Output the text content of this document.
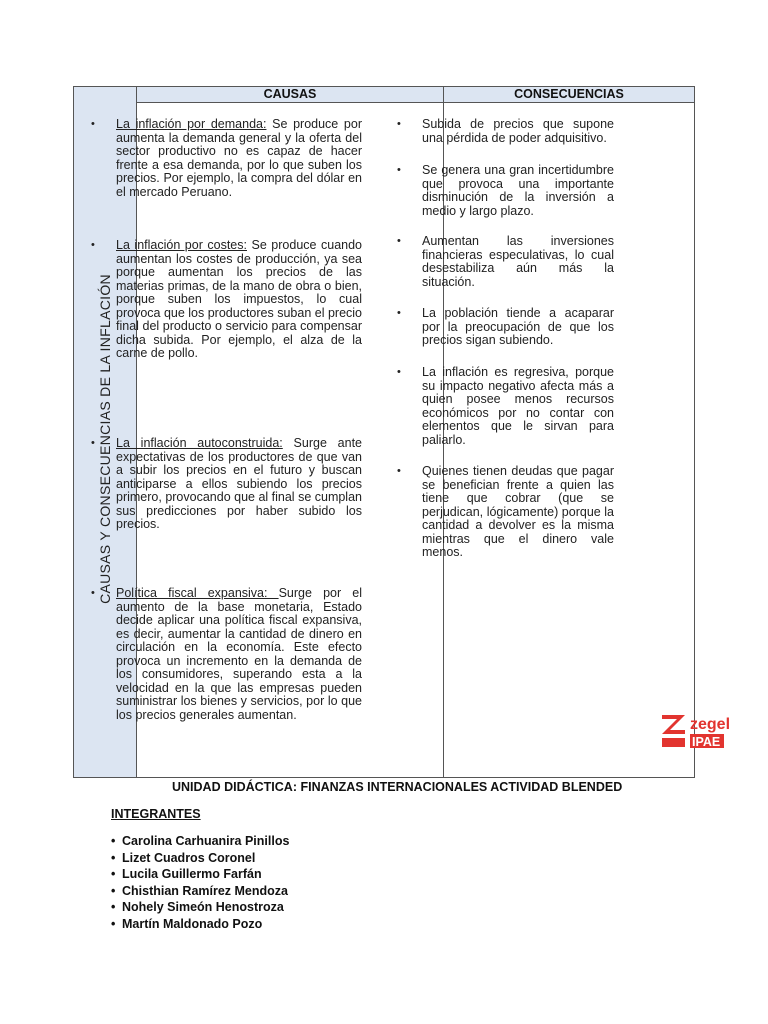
CAUSAS Y CONSECUENCIAS DE LA INFLACIÓN
CAUSAS	CONSECUENCIAS
• La inflación por demanda: Se produce por aumenta la demanda general y la oferta del sector productivo no es capaz de hacer frente a esa demanda, por lo que suben los precios. Por ejemplo, la compra del dólar en el mercado Peruano.
• La inflación por costes: Se produce cuando aumentan los costes de producción, ya sea porque aumentan los precios de las materias primas, de la mano de obra o bien, porque suben los impuestos, lo cual provoca que los productores suban el precio final del producto o servicio para compensar dicha subida. Por ejemplo, el alza de la carne de pollo.
• La inflación autoconstruida: Surge ante expectativas de los productores de que van a subir los precios en el futuro y buscan anticiparse a ellos subiendo los precios primero, provocando que al final se cumplan sus predicciones por haber subido los precios.
• Política fiscal expansiva: Surge por el aumento de la base monetaria, Estado decide aplicar una política fiscal expansiva, es decir, aumentar la cantidad de dinero en circulación en la economía. Este efecto provoca un incremento en la demanda de los consumidores, superando esta a la velocidad en la que las empresas pueden suministrar los bienes y servicios, por lo que los precios generales aumentan.
• Subida de precios que supone una pérdida de poder adquisitivo.
• Se genera una gran incertidumbre que provoca una importante disminución de la inversión a medio y largo plazo.
• Aumentan las inversiones financieras especulativas, lo cual desestabiliza aún más la situación.
• La población tiende a acaparar por la preocupación de que los precios sigan subiendo.
• La inflación es regresiva, porque su impacto negativo afecta más a quien posee menos recursos económicos por no contar con elementos que le sirvan para paliarlo.
• Quienes tienen deudas que pagar se benefician frente a quien las tiene que cobrar (que se perjudican, lógicamente) porque la cantidad a devolver es la misma mientras que el dinero vale menos.
zegel
IPAE
UNIDAD DIDÁCTICA: FINANZAS INTERNACIONALES ACTIVIDAD BLENDED
INTEGRANTES
• Carolina Carhuanira Pinillos
• Lizet Cuadros Coronel
• Lucila Guillermo Farfán
• Chisthian Ramírez Mendoza
• Nohely Simeón Henostroza
• Martín Maldonado Pozo
